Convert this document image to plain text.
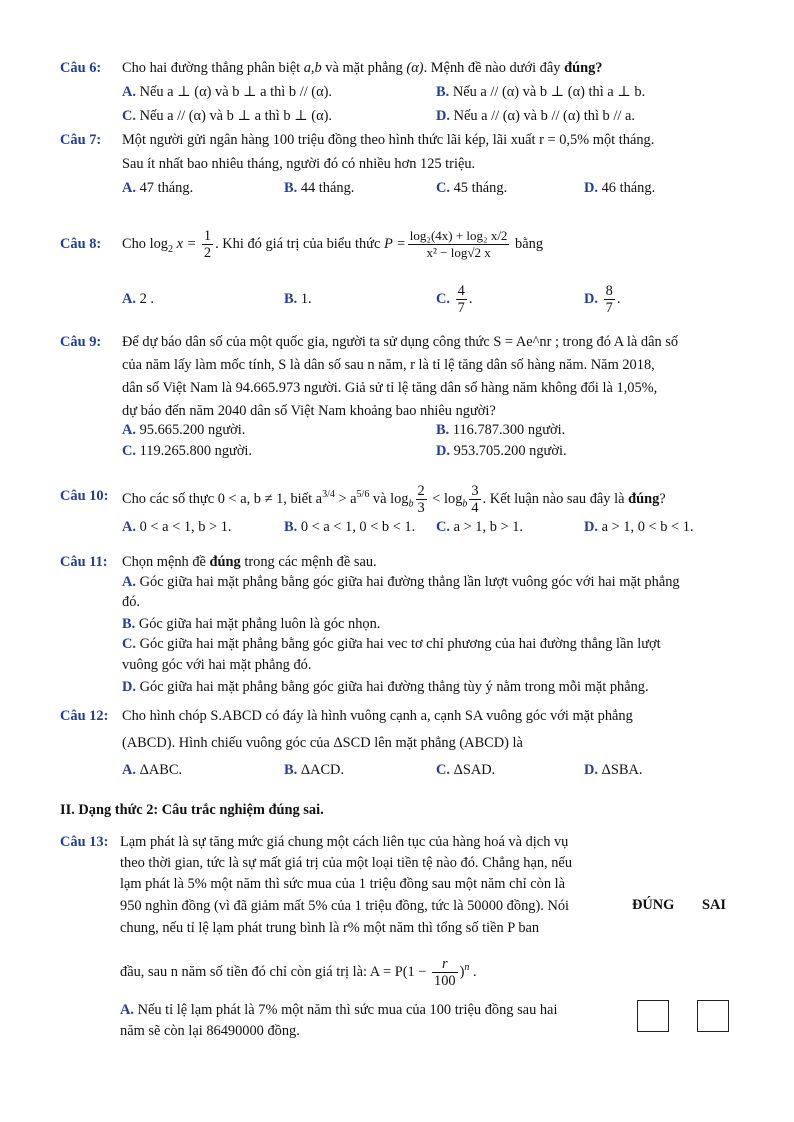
Câu 6: Cho hai đường thẳng phân biệt a,b và mặt phẳng (α). Mệnh đề nào dưới đây đúng?
A. Nếu a ⊥ (α) và b ⊥ a thì b // (α).	B. Nếu a // (α) và b ⊥ (α) thì a ⊥ b.
C. Nếu a // (α) và b ⊥ a thì b ⊥ (α).	D. Nếu a // (α) và b // (α) thì b // a.
Câu 7: Một người gửi ngân hàng 100 triệu đồng theo hình thức lãi kép, lãi xuất r = 0,5% một tháng.
Sau ít nhất bao nhiêu tháng, người đó có nhiều hơn 125 triệu.
A. 47 tháng.	B. 44 tháng.	C. 45 tháng.	D. 46 tháng.
Câu 8: Cho $\log_2 x = \frac{1}{2}$ . Khi đó giá trị của biểu thức $P = \frac{\text{log₂(4x) + log₂ x/2}}{\text{x² − log√2 x}}$ bằng
A. 2 .	B. 1.	C. $\frac{4}{7}$ .	D. $\frac{8}{7}$ .
Câu 9: Để dự báo dân số của một quốc gia, người ta sử dụng công thức S = Ae^nr ; trong đó A là dân số
của năm lấy làm mốc tính, S là dân số sau n năm, r là tỉ lệ tăng dân số hàng năm. Năm 2018,
dân số Việt Nam là 94.665.973 người. Giả sử tỉ lệ tăng dân số hàng năm không đổi là 1,05%,
dự báo đến năm 2040 dân số Việt Nam khoảng bao nhiêu người?
A. 95.665.200 người.	B. 116.787.300 người.
C. 119.265.800 người.	D. 953.705.200 người.
Câu 10: Cho các số thực 0 < a, b ≠ 1, biết $a^{3/4} > a^{5/6}$ và $\log_b \frac{2}{3} < \log_b \frac{3}{4}$ . Kết luận nào sau đây là đúng?
A. 0 < a < 1, b > 1.	B. 0 < a < 1, 0 < b < 1. C. a > 1, b > 1.	D. a > 1, 0 < b < 1.
Câu 11: Chọn mệnh đề đúng trong các mệnh đề sau.
A. Góc giữa hai mặt phẳng bằng góc giữa hai đường thẳng lần lượt vuông góc với hai mặt phẳng
đó.
B. Góc giữa hai mặt phẳng luôn là góc nhọn.
C. Góc giữa hai mặt phẳng bằng góc giữa hai vec tơ chỉ phương của hai đường thẳng lần lượt
vuông góc với hai mặt phẳng đó.
D. Góc giữa hai mặt phẳng bằng góc giữa hai đường thẳng tùy ý nằm trong mỗi mặt phẳng.
Câu 12: Cho hình chóp S.ABCD có đáy là hình vuông cạnh a, cạnh SA vuông góc với mặt phẳng
(ABCD). Hình chiếu vuông góc của ΔSCD lên mặt phẳng (ABCD) là
A. ΔABC.	B. ΔACD.	C. ΔSAD.	D. ΔSBA.
II. Dạng thức 2: Câu trắc nghiệm đúng sai.
Câu 13: Lạm phát là sự tăng mức giá chung một cách liên tục của hàng hoá và dịch vụ
theo thời gian, tức là sự mất giá trị của một loại tiền tệ nào đó. Chẳng hạn, nếu
lạm phát là 5% một năm thì sức mua của 1 triệu đồng sau một năm chỉ còn là
950 nghìn đồng (vì đã giảm mất 5% của 1 triệu đồng, tức là 50000 đồng). Nói
chung, nếu tỉ lệ lạm phát trung bình là r% một năm thì tổng số tiền P ban
đầu, sau n năm số tiền đó chỉ còn giá trị là: $A = P(1 - \frac{r}{100} )^n$ .
ĐÚNG SAI
A. Nếu tỉ lệ lạm phát là 7% một năm thì sức mua của 100 triệu đồng sau hai
năm sẽ còn lại 86490000 đồng.
